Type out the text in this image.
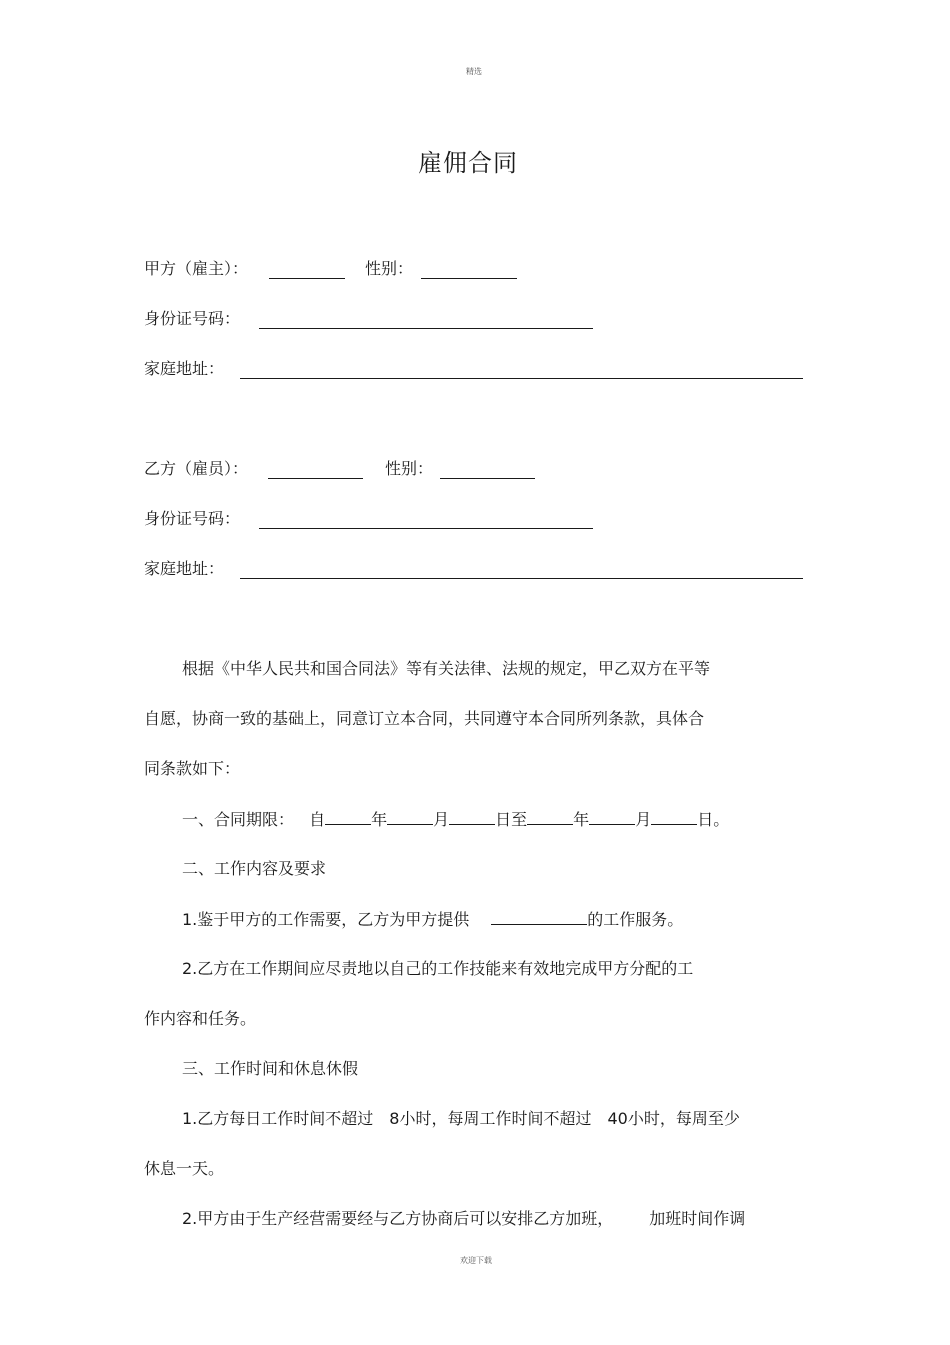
精选
欢迎下载
雇佣合同
甲方（雇主）：	性别：
身份证号码：
家庭地址：
乙方（雇员）：	性别：
身份证号码：
家庭地址：
根据《中华人民共和国合同法》等有关法律、法规的规定，甲乙双方在平等
自愿，协商一致的基础上，同意订立本合同，共同遵守本合同所列条款，具体合
同条款如下：
一、合同期限： 自	年	月	日至	年	月	日。
二、工作内容及要求
1.鉴于甲方的工作需要，乙方为甲方提供	的工作服务。
2.乙方在工作期间应尽责地以自己的工作技能来有效地完成甲方分配的工
作内容和任务。
三、工作时间和休息休假
1.乙方每日工作时间不超过 8小时，每周工作时间不超过 40小时，每周至少
休息一天。
2.甲方由于生产经营需要经与乙方协商后可以安排乙方加班， 加班时间作调
